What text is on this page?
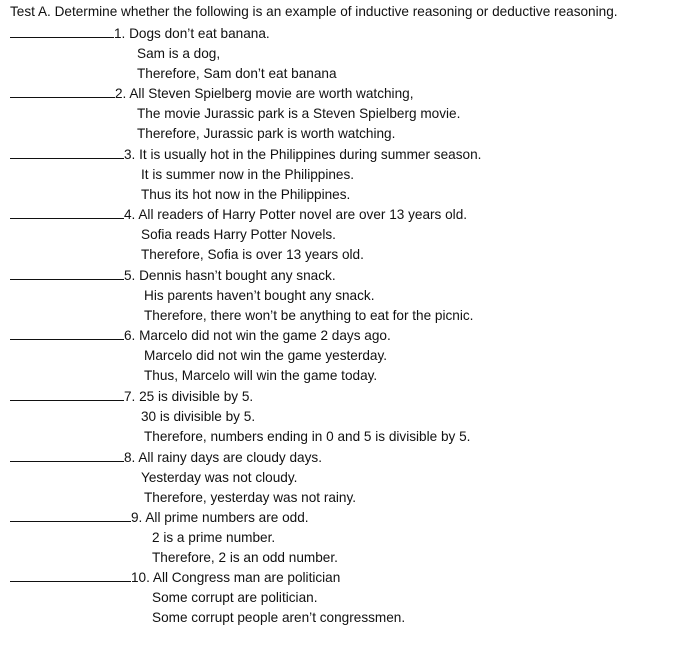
Test A. Determine whether the following is an example of inductive reasoning or deductive reasoning.
1. Dogs don’t eat banana.
Sam is a dog,
Therefore, Sam don’t eat banana
2. All Steven Spielberg movie are worth watching,
The movie Jurassic park is a Steven Spielberg movie.
Therefore, Jurassic park is worth watching.
3. It is usually hot in the Philippines during summer season.
It is summer now in the Philippines.
Thus its hot now in the Philippines.
4. All readers of Harry Potter novel are over 13 years old.
Sofia reads Harry Potter Novels.
Therefore, Sofia is over 13 years old.
5. Dennis hasn’t bought any snack.
His parents haven’t bought any snack.
Therefore, there won’t be anything to eat for the picnic.
6. Marcelo did not win the game 2 days ago.
Marcelo did not win the game yesterday.
Thus, Marcelo will win the game today.
7. 25 is divisible by 5.
30 is divisible by 5.
Therefore, numbers ending in 0 and 5 is divisible by 5.
8. All rainy days are cloudy days.
Yesterday was not cloudy.
Therefore, yesterday was not rainy.
9. All prime numbers are odd.
2 is a prime number.
Therefore, 2 is an odd number.
10. All Congress man are politician
Some corrupt are politician.
Some corrupt people aren’t congressmen.
